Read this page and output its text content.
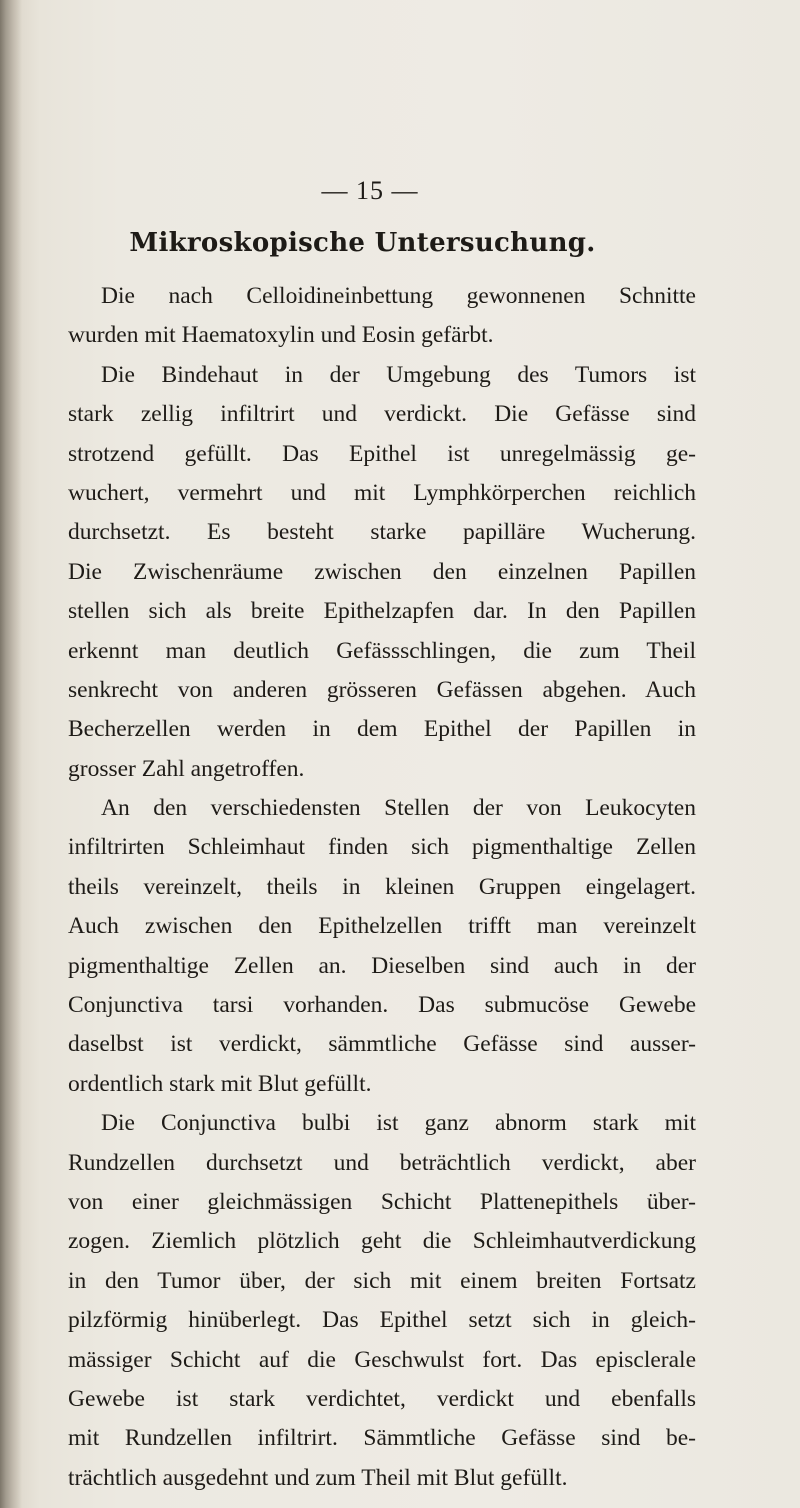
— 15 —
Mikroskopische Untersuchung.
Die nach Celloidineinbettung gewonnenen Schnitte
wurden mit Haematoxylin und Eosin gefärbt.
Die Bindehaut in der Umgebung des Tumors ist
stark zellig infiltrirt und verdickt. Die Gefässe sind
strotzend gefüllt. Das Epithel ist unregelmässig ge-
wuchert, vermehrt und mit Lymphkörperchen reichlich
durchsetzt. Es besteht starke papilläre Wucherung.
Die Zwischenräume zwischen den einzelnen Papillen
stellen sich als breite Epithelzapfen dar. In den Papillen
erkennt man deutlich Gefässschlingen, die zum Theil
senkrecht von anderen grösseren Gefässen abgehen. Auch
Becherzellen werden in dem Epithel der Papillen in
grosser Zahl angetroffen.
An den verschiedensten Stellen der von Leukocyten
infiltrirten Schleimhaut finden sich pigmenthaltige Zellen
theils vereinzelt, theils in kleinen Gruppen eingelagert.
Auch zwischen den Epithelzellen trifft man vereinzelt
pigmenthaltige Zellen an. Dieselben sind auch in der
Conjunctiva tarsi vorhanden. Das submucöse Gewebe
daselbst ist verdickt, sämmtliche Gefässe sind ausser-
ordentlich stark mit Blut gefüllt.
Die Conjunctiva bulbi ist ganz abnorm stark mit
Rundzellen durchsetzt und beträchtlich verdickt, aber
von einer gleichmässigen Schicht Plattenepithels über-
zogen. Ziemlich plötzlich geht die Schleimhautverdickung
in den Tumor über, der sich mit einem breiten Fortsatz
pilzförmig hinüberlegt. Das Epithel setzt sich in gleich-
mässiger Schicht auf die Geschwulst fort. Das episclerale
Gewebe ist stark verdichtet, verdickt und ebenfalls
mit Rundzellen infiltrirt. Sämmtliche Gefässe sind be-
trächtlich ausgedehnt und zum Theil mit Blut gefüllt.
